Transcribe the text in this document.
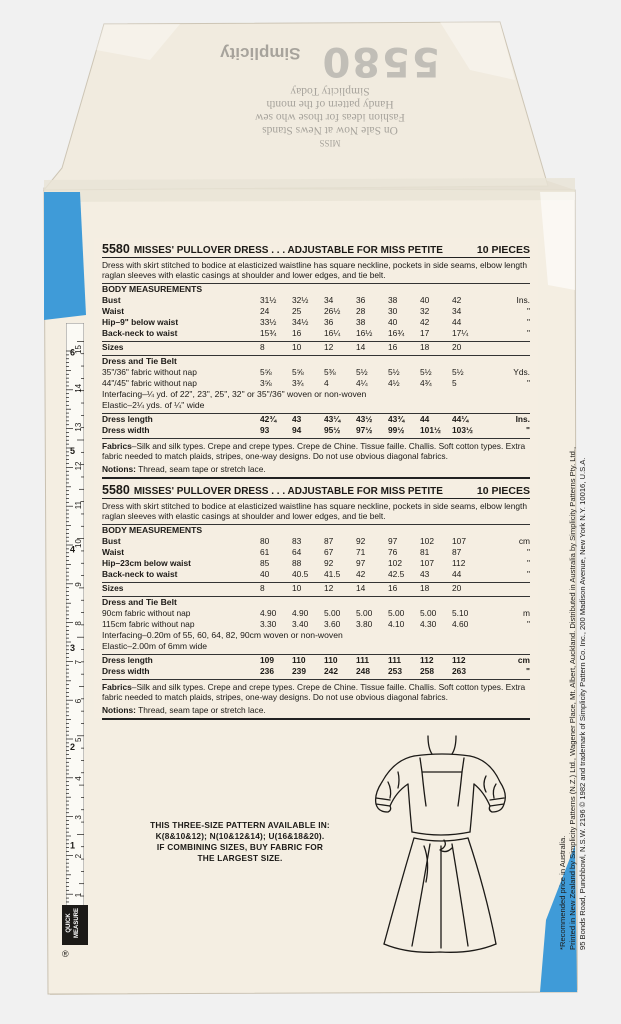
MISS
On Sale Now at News Stands
Fashion ideas for those who sew
Handy pattern of the month
Simplicity Today
5580
Simplicity
5580 MISSES' PULLOVER DRESS . . . ADJUSTABLE FOR MISS PETITE	10 PIECES
Dress with skirt stitched to bodice at elasticized waistline has square neckline, pockets in side seams, elbow length raglan sleeves with elastic casings at shoulder and lower edges, and tie belt.
BODY MEASUREMENTS
Bust	31½	32½	34	36	38	40	42	Ins.
Waist	24	25	26½	28	30	32	34	"
Hip–9" below waist	33½	34½	36	38	40	42	44	"
Back-neck to waist	15¾	16	16¼	16½	16¾	17	17¼	"
Sizes	8	10	12	14	16	18	20	
Dress and Tie Belt
35"/36" fabric without nap	5⅝	5⅝	5⅜	5½	5½	5½	5½	Yds.
44"/45" fabric without nap	3⅝	3¾	4	4¼	4½	4¾	5	"
Interfacing–¼ yd. of 22", 23", 25", 32" or 35"/36" woven or non-woven
Elastic–2¼ yds. of ¼" wide
Dress length	42¾	43	43¼	43½	43¾	44	44¼	Ins.
Dress width	93	94	95½	97½	99½	101½	103½	"
Fabrics–Silk and silk types. Crepe and crepe types. Crepe de Chine. Tissue faille. Challis. Soft cotton types. Extra fabric needed to match plaids, stripes, one-way designs. Do not use obvious diagonal fabrics.
Notions: Thread, seam tape or stretch lace.
5580 MISSES' PULLOVER DRESS . . . ADJUSTABLE FOR MISS PETITE	10 PIECES
Dress with skirt stitched to bodice at elasticized waistline has square neckline, pockets in side seams, elbow length raglan sleeves with elastic casings at shoulder and lower edges, and tie belt.
BODY MEASUREMENTS
Bust	80	83	87	92	97	102	107	cm
Waist	61	64	67	71	76	81	87	"
Hip–23cm below waist	85	88	92	97	102	107	112	"
Back-neck to waist	40	40.5	41.5	42	42.5	43	44	"
Sizes	8	10	12	14	16	18	20	
Dress and Tie Belt
90cm fabric without nap	4.90	4.90	5.00	5.00	5.00	5.00	5.10	m
115cm fabric without nap	3.30	3.40	3.60	3.80	4.10	4.30	4.60	"
Interfacing–0.20m of 55, 60, 64, 82, 90cm woven or non-woven
Elastic–2.00m of 6mm wide
Dress length	109	110	110	111	111	112	112	cm
Dress width	236	239	242	248	253	258	263	"
Fabrics–Silk and silk types. Crepe and crepe types. Crepe de Chine. Tissue faille. Challis. Soft cotton types. Extra fabric needed to match plaids, stripes, one-way designs. Do not use obvious diagonal fabrics.
Notions: Thread, seam tape or stretch lace.
THIS THREE-SIZE PATTERN AVAILABLE IN:
K(8&10&12); N(10&12&14); U(16&18&20).
IF COMBINING SIZES, BUY FABRIC FOR
THE LARGEST SIZE.	*Recommended price in Australia. Printed in New Zealand by Simplicity Patterns (N.Z.) Ltd., Wagener Place, Mt. Albert, Auckland. Distributed in Australia by Simplicity Patterns Pty. Ltd., 95 Bonds Road, Punchbowl, N.S.W. 2196 © 1982 and trademark of Simplicity Pattern Co. Inc., 200 Madison Avenue, New York N.Y. 10016, U.S.A.
1
2
3
4
5
6
7
8
9
10
11
12
13
14
15
1
2
3
4
5
6
QUICK MEASURE
®
